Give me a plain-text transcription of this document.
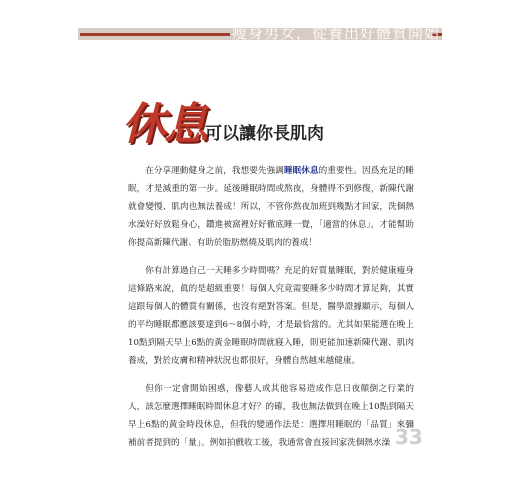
瘦身男女，從養出好體質開始
休息 可以讓你長肌肉

在分享運動健身之前，我想要先強調睡眠休息的重要性。因爲充足的睡眠，才是減重的第一步。延後睡眠時間或熬夜，身體得不到修復，新陳代謝就會變慢、肌肉也無法養成！所以，不管你熬夜加班到幾點才回家，洗個熱水澡好好放鬆身心，鑽進被窩裡好好徹底睡一覺，「適當的休息」，才能幫助你提高新陳代謝、有助於脂肪燃燒及肌肉的養成！

你有計算過自己一天睡多少時間嗎？充足的好質量睡眠，對於健康瘦身這條路來說，眞的是超級重要！每個人究竟需要睡多少時間才算足夠，其實這跟每個人的體質有關係，也沒有絕對答案。但是，醫學證據顯示，每個人的平均睡眠都應該要達到6～8個小時，才是最恰當的。尤其如果能選在晚上10點到隔天早上6點的黃金睡眠時間就寢入睡，則更能加速新陳代謝、肌肉養成，對於皮膚和精神狀況也都很好，身體自然越來越健康。

但你一定會開始困惑，像藝人或其他容易造成作息日夜顛倒之行業的人，該怎麼選擇睡眠時間休息才好？的確，我也無法做到在晚上10點到隔天早上6點的黃金時段休息，但我的變通作法是：選擇用睡眠的「品質」來彌補前者提到的「量」。例如拍戲收工後，我通常會直接回家洗個熱水澡 33
